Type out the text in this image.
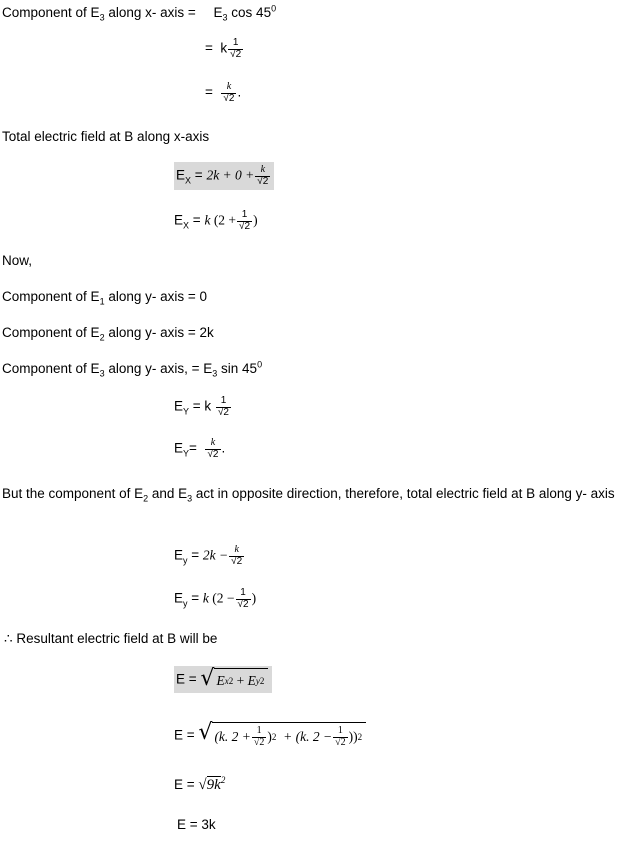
Component of $E_3$ along x- axis = $E_3$ $\cos 45^0$
= k $\frac{1}{√2}$
= $\frac{k}{√2}$ .
Total electric field at B along x-axis
$E_X = 2k + 0 + \frac{k}{√2}$
$E_X = k$ ($2 + \frac{1}{√2}$ )
Now,
Component of $E_1$ along y- axis = 0
Component of $E_2$ along y- axis = 2k
Component of $E_3$ along y- axis, = $E_3$ $\sin 45^0$
$E_Y = k \frac{1}{√2}$
$E_Y= \frac{k}{√2}$ .
But the component of $E_2$ and $E_3$ act in opposite direction, therefore, total electric field at B along y- axis
$E_y = 2k - \frac{k}{√2}$
$E_y = k$ ($2 - \frac{1}{√2}$ )
∴ Resultant electric field at B will be
E = √ E x 2 + E y 2
E = √ (k. $2 + \frac{1}{√2}$ ) 2 + (k. $2 - \frac{1}{√2}$ )) 2
$E = √9k^2$
E = 3k
